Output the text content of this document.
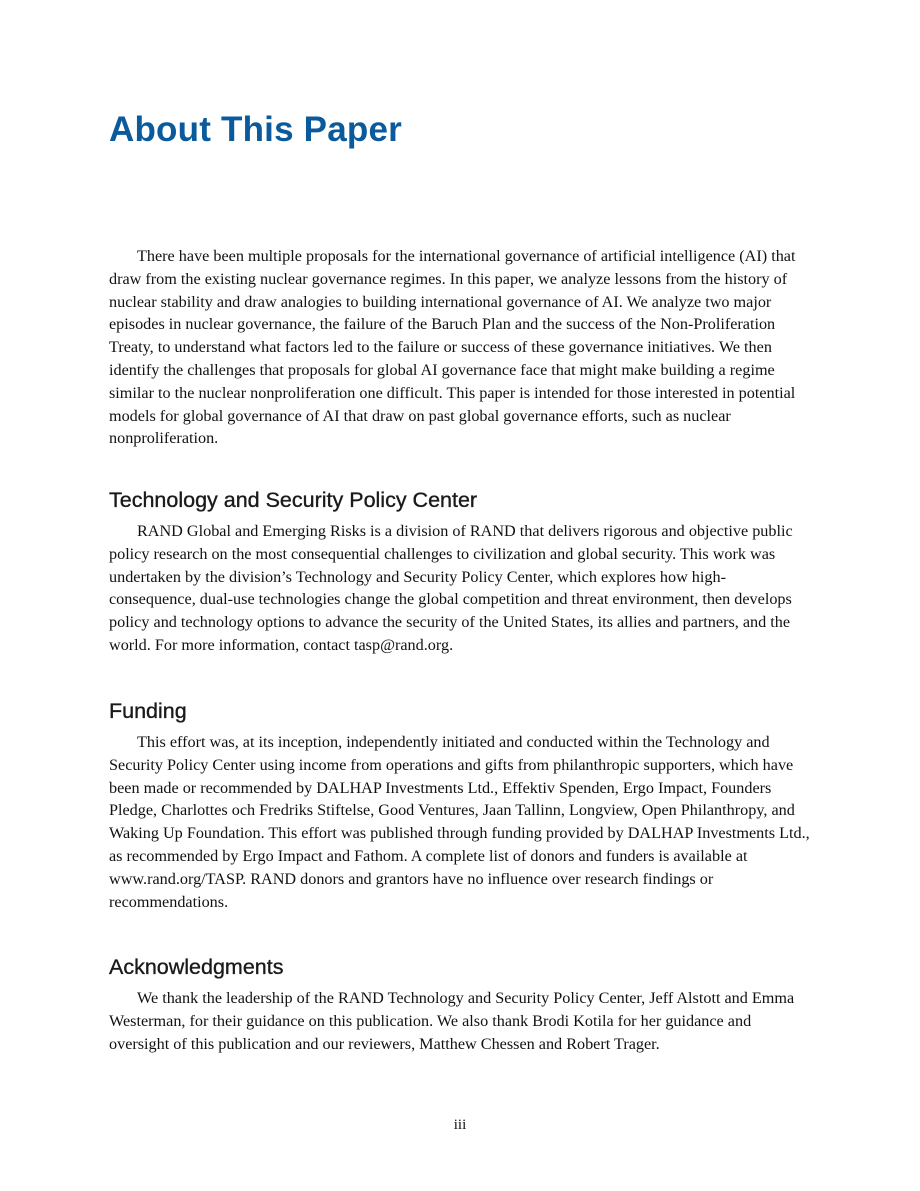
About This Paper

There have been multiple proposals for the international governance of artificial intelligence (AI) that draw from the existing nuclear governance regimes. In this paper, we analyze lessons from the history of nuclear stability and draw analogies to building international governance of AI. We analyze two major episodes in nuclear governance, the failure of the Baruch Plan and the success of the Non-Proliferation Treaty, to understand what factors led to the failure or success of these governance initiatives. We then identify the challenges that proposals for global AI governance face that might make building a regime similar to the nuclear nonproliferation one difficult. This paper is intended for those interested in potential models for global governance of AI that draw on past global governance efforts, such as nuclear nonproliferation.

Technology and Security Policy Center

RAND Global and Emerging Risks is a division of RAND that delivers rigorous and objective public policy research on the most consequential challenges to civilization and global security. This work was undertaken by the division’s Technology and Security Policy Center, which explores how high-consequence, dual-use technologies change the global competition and threat environment, then develops policy and technology options to advance the security of the United States, its allies and partners, and the world. For more information, contact tasp@rand.org.

Funding

This effort was, at its inception, independently initiated and conducted within the Technology and Security Policy Center using income from operations and gifts from philanthropic supporters, which have been made or recommended by DALHAP Investments Ltd., Effektiv Spenden, Ergo Impact, Founders Pledge, Charlottes och Fredriks Stiftelse, Good Ventures, Jaan Tallinn, Longview, Open Philanthropy, and Waking Up Foundation. This effort was published through funding provided by DALHAP Investments Ltd., as recommended by Ergo Impact and Fathom. A complete list of donors and funders is available at www.rand.org/TASP. RAND donors and grantors have no influence over research findings or recommendations.

Acknowledgments

We thank the leadership of the RAND Technology and Security Policy Center, Jeff Alstott and Emma Westerman, for their guidance on this publication. We also thank Brodi Kotila for her guidance and oversight of this publication and our reviewers, Matthew Chessen and Robert Trager.

iii
